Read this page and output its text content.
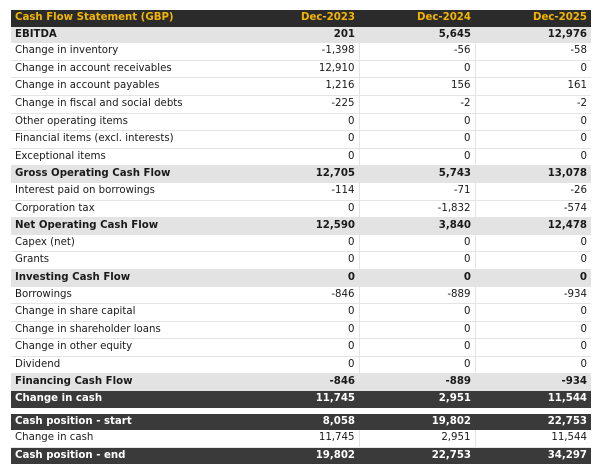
Cash Flow Statement (GBP)	Dec-2023	Dec-2024	Dec-2025
EBITDA	201	5,645	12,976
Change in inventory	-1,398	-56	-58
Change in account receivables	12,910	0	0
Change in account payables	1,216	156	161
Change in fiscal and social debts	-225	-2	-2
Other operating items	0	0	0
Financial items (excl. interests)	0	0	0
Exceptional items	0	0	0
Gross Operating Cash Flow	12,705	5,743	13,078
Interest paid on borrowings	-114	-71	-26
Corporation tax	0	-1,832	-574
Net Operating Cash Flow	12,590	3,840	12,478
Capex (net)	0	0	0
Grants	0	0	0
Investing Cash Flow	0	0	0
Borrowings	-846	-889	-934
Change in share capital	0	0	0
Change in shareholder loans	0	0	0
Change in other equity	0	0	0
Dividend	0	0	0
Financing Cash Flow	-846	-889	-934
Change in cash	11,745	2,951	11,544

Cash position - start	8,058	19,802	22,753
Change in cash	11,745	2,951	11,544
Cash position - end	19,802	22,753	34,297
